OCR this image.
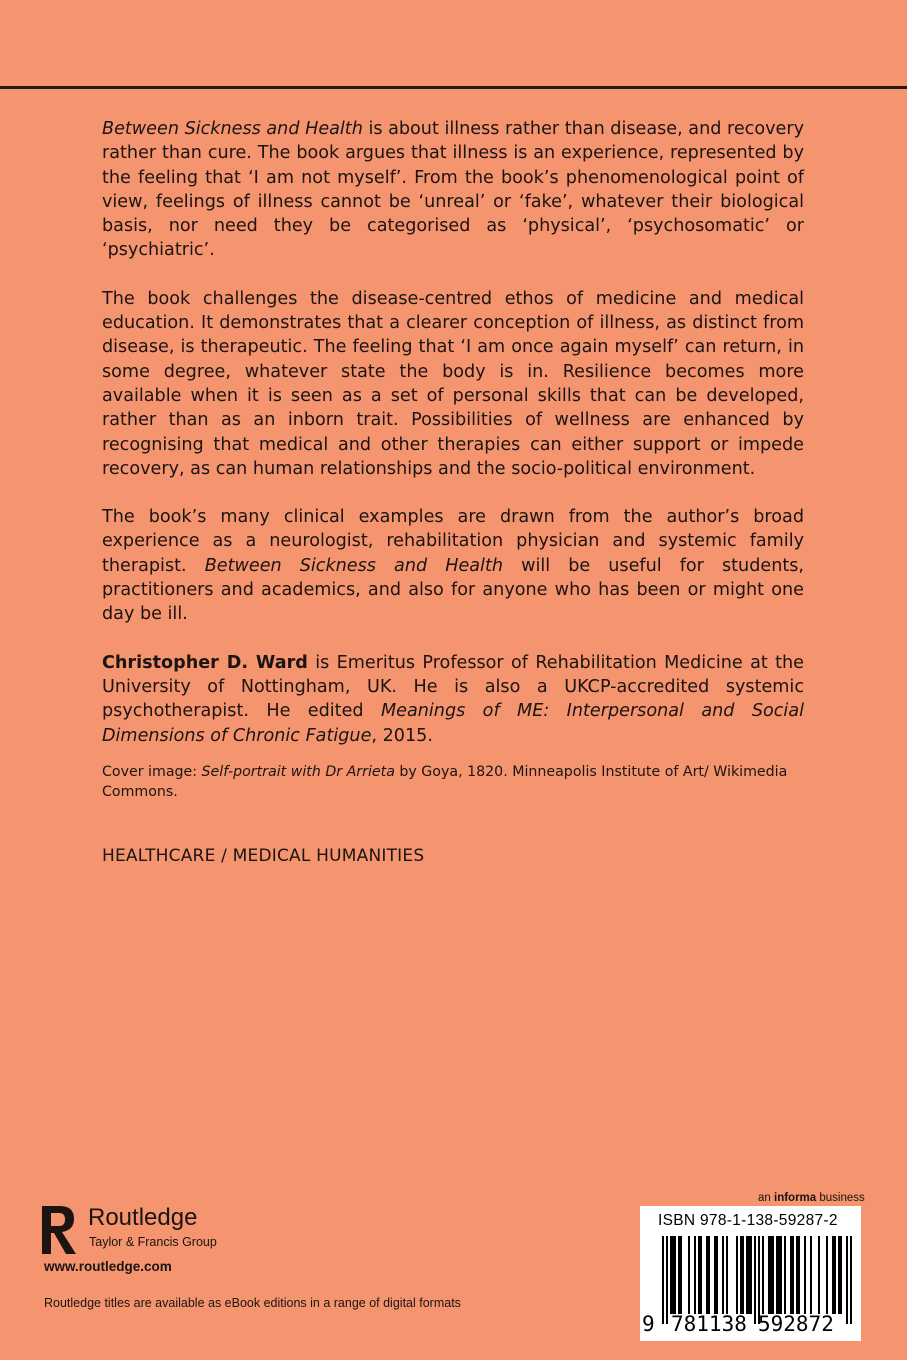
Between Sickness and Health is about illness rather than disease, and recovery rather than cure. The book argues that illness is an experience, represented by the feeling that ‘I am not myself’. From the book’s phenomenological point of view, feelings of illness cannot be ‘unreal’ or ‘fake’, whatever their biological basis, nor need they be categorised as ‘physical’, ‘psychosomatic’ or ‘psychiatric’.

The book challenges the disease-centred ethos of medicine and medical education. It demonstrates that a clearer conception of illness, as distinct from disease, is therapeutic. The feeling that ‘I am once again myself’ can return, in some degree, whatever state the body is in. Resilience becomes more available when it is seen as a set of personal skills that can be developed, rather than as an inborn trait. Possibilities of wellness are enhanced by recognising that medical and other therapies can either support or impede recovery, as can human relationships and the socio-political environment.

The book’s many clinical examples are drawn from the author’s broad experience as a neurologist, rehabilitation physician and systemic family therapist. Between Sickness and Health will be useful for students, practitioners and academics, and also for anyone who has been or might one day be ill.

Christopher D. Ward is Emeritus Professor of Rehabilitation Medicine at the University of Nottingham, UK. He is also a UKCP-accredited systemic psychotherapist. He edited Meanings of ME: Interpersonal and Social Dimensions of Chronic Fatigue, 2015.

Cover image: Self-portrait with Dr Arrieta by Goya, 1820. Minneapolis Institute of Art/ Wikimedia Commons.

HEALTHCARE / MEDICAL HUMANITIES
Routledge
Taylor & Francis Group
www.routledge.com
Routledge titles are available as eBook editions in a range of digital formats
an informa business
ISBN 978-1-138-59287-2
9 781138 592872
